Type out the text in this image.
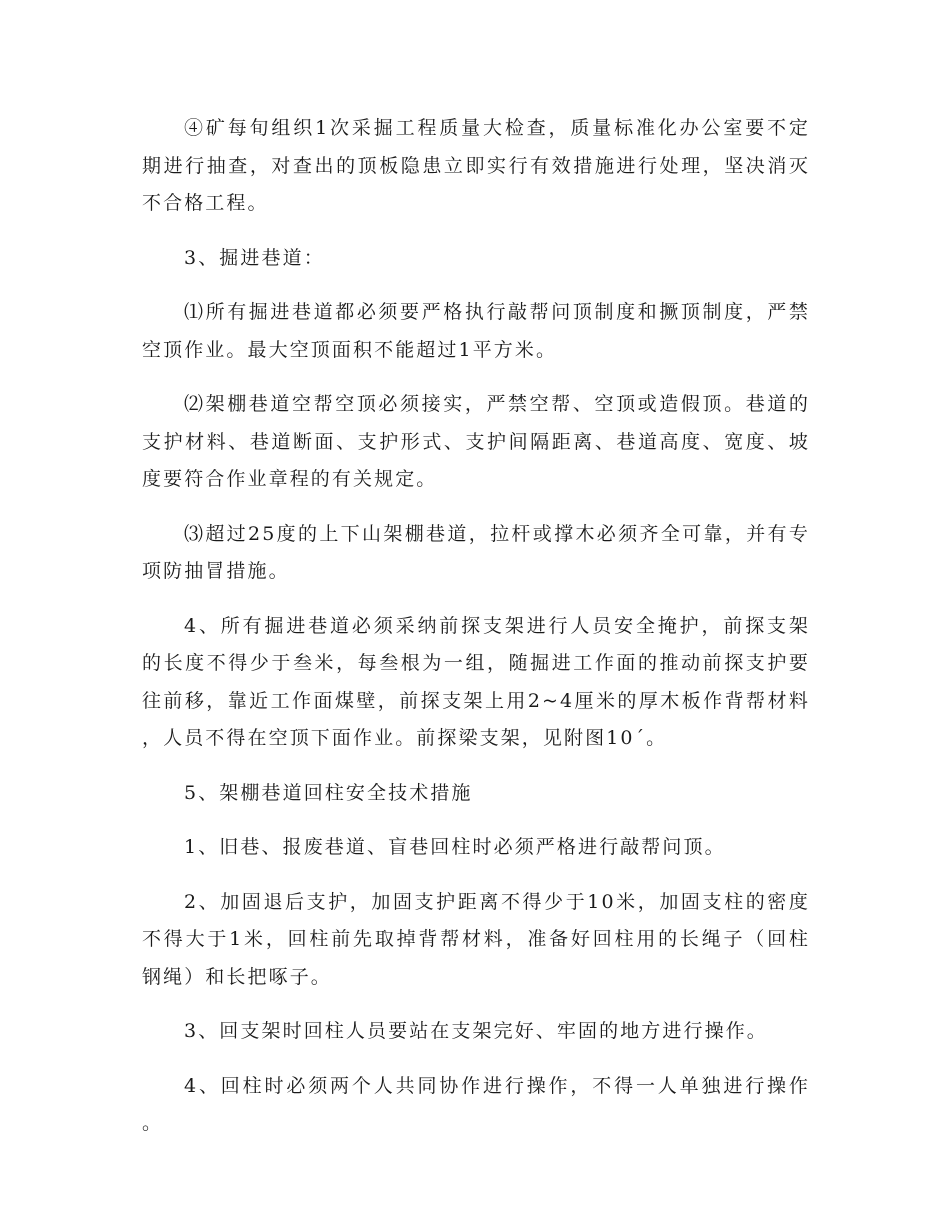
④矿每旬组织1次采掘工程质量大检查，质量标准化办公室要不定期进行抽查，对查出的顶板隐患立即实行有效措施进行处理，坚决消灭不合格工程。

3、掘进巷道：

⑴所有掘进巷道都必须要严格执行敲帮问顶制度和撅顶制度，严禁空顶作业。最大空顶面积不能超过1平方米。

⑵架棚巷道空帮空顶必须接实，严禁空帮、空顶或造假顶。巷道的支护材料、巷道断面、支护形式、支护间隔距离、巷道高度、宽度、坡度要符合作业章程的有关规定。

⑶超过25度的上下山架棚巷道，拉杆或撑木必须齐全可靠，并有专项防抽冒措施。

4、所有掘进巷道必须采纳前探支架进行人员安全掩护，前探支架的长度不得少于叁米，每叁根为一组，随掘进工作面的推动前探支护要往前移，靠近工作面煤壁，前探支架上用2~4厘米的厚木板作背帮材料，人员不得在空顶下面作业。前探梁支架，见附图10´。

5、架棚巷道回柱安全技术措施

1、旧巷、报废巷道、盲巷回柱时必须严格进行敲帮问顶。

2、加固退后支护，加固支护距离不得少于10米，加固支柱的密度不得大于1米，回柱前先取掉背帮材料，准备好回柱用的长绳子（回柱钢绳）和长把啄子。

3、回支架时回柱人员要站在支架完好、牢固的地方进行操作。

4、回柱时必须两个人共同协作进行操作，不得一人单独进行操作。
